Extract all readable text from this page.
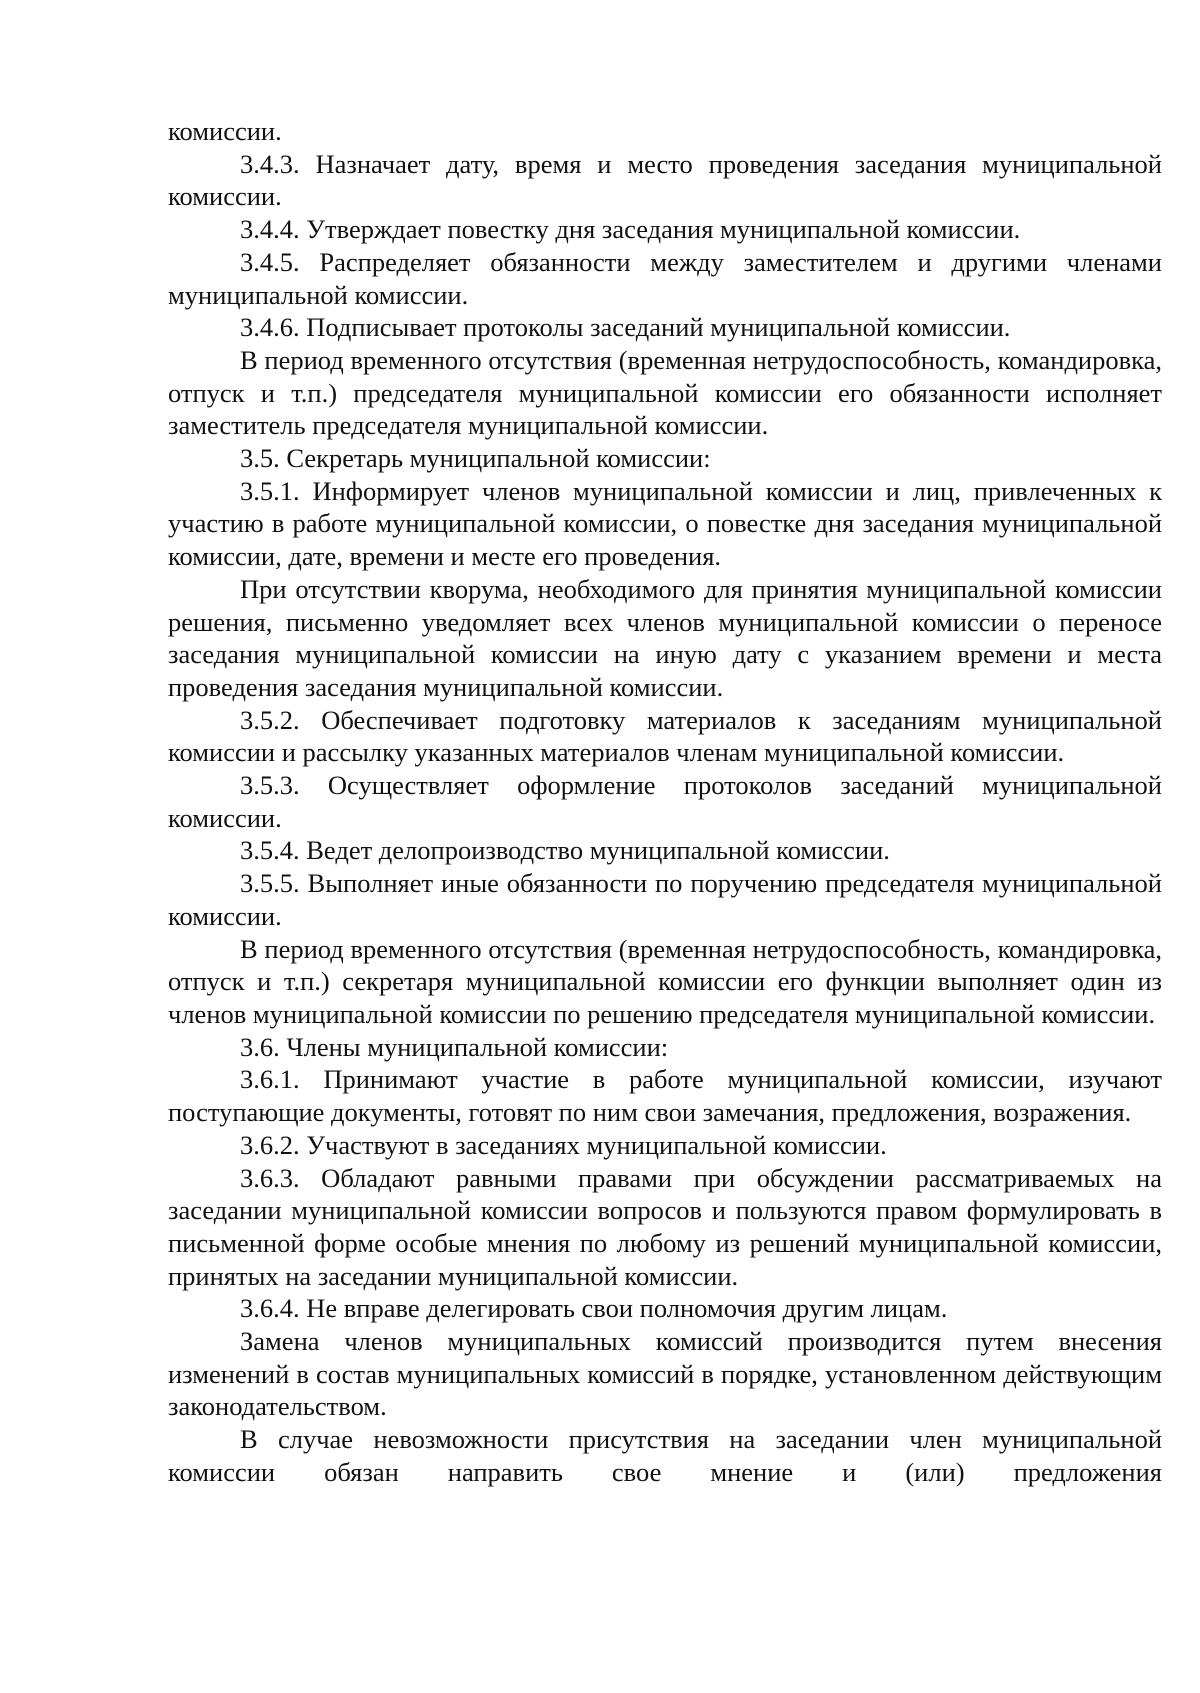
комиссии.

3.4.3. Назначает дату, время и место проведения заседания муниципальной комиссии.

3.4.4. Утверждает повестку дня заседания муниципальной комиссии.

3.4.5. Распределяет обязанности между заместителем и другими членами муниципальной комиссии.

3.4.6. Подписывает протоколы заседаний муниципальной комиссии.

В период временного отсутствия (временная нетрудоспособность, командировка, отпуск и т.п.) председателя муниципальной комиссии его обязанности исполняет заместитель председателя муниципальной комиссии.

3.5. Секретарь муниципальной комиссии:

3.5.1. Информирует членов муниципальной комиссии и лиц, привлеченных к участию в работе муниципальной комиссии, о повестке дня заседания муниципальной комиссии, дате, времени и месте его проведения.

При отсутствии кворума, необходимого для принятия муниципальной комиссии решения, письменно уведомляет всех членов муниципальной комиссии о переносе заседания муниципальной комиссии на иную дату с указанием времени и места проведения заседания муниципальной комиссии.

3.5.2. Обеспечивает подготовку материалов к заседаниям муниципальной комиссии и рассылку указанных материалов членам муниципальной комиссии.

3.5.3. Осуществляет оформление протоколов заседаний муниципальной комиссии.

3.5.4. Ведет делопроизводство муниципальной комиссии.

3.5.5. Выполняет иные обязанности по поручению председателя муниципальной комиссии.

В период временного отсутствия (временная нетрудоспособность, командировка, отпуск и т.п.) секретаря муниципальной комиссии его функции выполняет один из членов муниципальной комиссии по решению председателя муниципальной комиссии.

3.6. Члены муниципальной комиссии:

3.6.1. Принимают участие в работе муниципальной комиссии, изучают поступающие документы, готовят по ним свои замечания, предложения, возражения.

3.6.2. Участвуют в заседаниях муниципальной комиссии.

3.6.3. Обладают равными правами при обсуждении рассматриваемых на заседании муниципальной комиссии вопросов и пользуются правом формулировать в письменной форме особые мнения по любому из решений муниципальной комиссии, принятых на заседании муниципальной комиссии.

3.6.4. Не вправе делегировать свои полномочия другим лицам.

Замена членов муниципальных комиссий производится путем внесения изменений в состав муниципальных комиссий в порядке, установленном действующим законодательством.

В случае невозможности присутствия на заседании член муниципальной комиссии обязан направить свое мнение и (или) предложения
